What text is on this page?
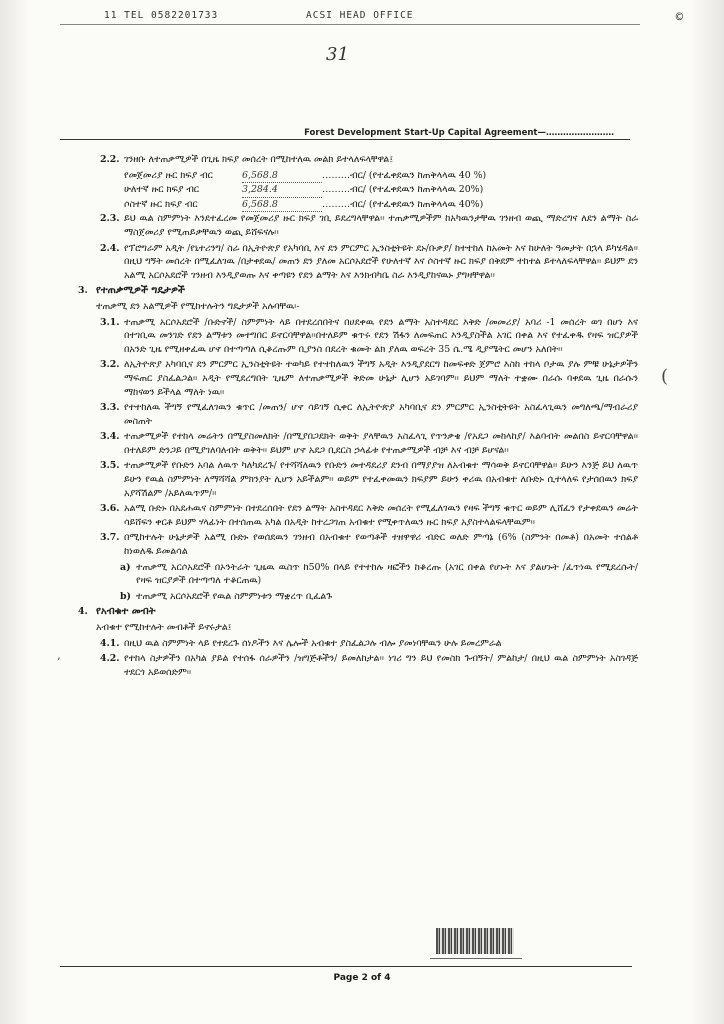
11 TEL 0582201733	ACSI HEAD OFFICE	©
31
Forest Development Start-Up Capital Agreement—……………………
(
,
2.2. ገንዘቡ ለተጠቃሚዎች በጊዜ ክፍያ መሰረት በሚከተለዉ መልክ ይተላለፍላቸዋል፤
የመጀመሪያ ዙር ክፍያ ብር	6,568.8	………ብር/ (የተፈቀደዉን ከጠቅላላዉ 40 %)
ሁለተኛ ዙር ክፍያ ብር	3,284.4	………ብር/ (የተፈቀደዉን ከጠቅላላዉ 20%)
ሶስተኛ ዙር ክፍያ ብር	6,568.8	………ብር/ (የተፈቀደዉን ከጠቅላላዉ 40%)
2.3. ይህ ዉል ስምምነት እንደተፈረመ የመጀመሪያ ዙር ክፍያ ገቢ ይደረግላቸዋል፡፡ ተጠቃሚዎችም ከአካዉንታቸዉ ገንዘብ ወጪ ማድረግና ለደን ልማት ስራ ማስጀመሪያ የሚጠይቃቸዉን ወጪ ይሸፍናሉ፡፡
2.4. የፕሮግራም አዲት /የኒተሪንግ/ ስራ በኢትዮጵያ የአካባቢ እና ደን ምርምር ኢንስቲትዩት ደኑ/ቡቃያ/ ከተተከለ ከአመት እና ከሁለት ዓመታት በኋላ ይካሄዳል፡፡ በዚህ ግኝት መሰረት በሚፈለገዉ /በታቀደዉ/ መጠን ደን ያለመ አርሶአደሮች የሁለተኛ እና ሶስተኛ ዙር ክፍያ በቅደም ተከተል ይተላለፍላቸዋል፡፡ ይህም ደን አልሚ አርሶአደሮች ገንዘብ እንዲያወጡ እና ቀጣዩን የደን ልማት እና እንክብካቤ ስራ እንዲያከናዉኑ ያግዛቸዋል፡፡
3. የተጠቃሚዎች ግዴታዎች
ተጠቃሚ ደን አልሚዎች የሚከተሉትን ግዴታዎች አሉባቸዉ፡-
3.1. ተጠቃሚ አርሶአደሮች /ቡድኖች/ ስምምነት ላይ በተደረሰበትና በሀደቀዉ የደን ልማት አስተዳደር እቅድ /መመሪያ/ አባሪ -1 መሰረት ወገ በሆነ እና በተገቢዉ መንገድ የደን ልማቱን መተግበር ይኖርባቸዋል፡፡በተለይም ቁጥሩ የደን ሽፋን ለመፍጠር እንዲያስችል አገር በቀል እና የተፈቀዱ የዛፍ ዝርያዎች በአንድ ጊዜ የሚዘቀፈዉ ሆኖ በተጣጣለ ሲቆረጡም ቢያንስ በደረት ቁመት ልክ ያለዉ ወፍረት 35 ሴ.ሜ ዲያሜትር መሆን አለበት፡፡
3.2. ለኢትዮጵያ አካባቢና ደን ምርምር ኢንስቲትዩት ተወካይ የተተከለዉን ችግኝ አዲት እንዲያደርግ ከመፍቀድ ጀምሮ እስከ ተከላ ቦታዉ ያሉ ምቹ ሁኔታዎችን ማፍጠር ያስፈልጋል፡፡ አዲት የሚደረግበት ጊዜም ለተጠቃሚዎች ቅድመ ሁኔታ ሊሆን አይገባም፡፡ ይህም ማለት ተቋሙ በራሱ ባቀደዉ ጊዜ በራሱን ማከናወን ይችላል ማለት ነዉ፡፡
3.3. የተተከለዉ ችግኝ የሚፈለገዉን ቁጥር /መጠን/ ሆኖ ሳይገኝ ሲቀር ለኢትዮጵያ አካባቢና ደን ምርምር ኢንስቲትዩት አስፈላጊዉን መግለጫ/ማብራሪያ መስጠት
3.4. ተጠቃሚዎች የተከላ መሬትን በሚያስመለክት /በሚያበጋደክት ወቅት ያላቸዉን አስፈላጊ የጥንቃቄ /የአደጋ መከላከያ/ እልባብት መልበስ ይኖርባቸዋል፡፡ በተለይም ድንጋይ በሚያገለባለብት ወቅት፡፡ ይህም ሆኖ አደጋ ቢደርስ ኃላፊቱ የተጠቃሚዎች ብቻ እና ብቻ ይሆናል፡፡
3.5. ተጠቃሚዎች የቡድን አባል ለዉጥ ካለካደረጉ/ የተሻሻለዉን የቡድን መተዳደሪያ ደንብ በማያያዝ ለአብቁተ ማሳወቅ ይኖርባቸዋል፡፡ ይሁን እንጅ ይህ ለዉጥ ይሁን የዉል ስምምነት ለማሻሻል ምክንያት ሊሆን አይችልም፡፡ ወይም የተፈቀመዉን ክፍያም ይሁን ቀሪዉ በአብቁተ ለቡድኑ ሲተላለፍ የታሰበዉን ክፍያ አያሻሽልም /አይለዉጥም/፡፡
3.6. አልሚ ቡድኑ በአደሐዉና ስምምነት በተደረሰበት የደን ልማት አስተዳደር እቅድ መሰረት የሚፈለገዉን የዛፍ ችግኝ ቁጥር ወይም ሊሸፈን የታቀደዉን መሬት ሳይሸፍን ቀርቶ ይህም ሃላፊነት በተሰጠዉ አካል በአዲት ከተረጋገጠ አብቁተ የሚቀጥለዉን ዙር ክፍያ አያስተላልፍላቸዉም፡፡
3.7. በሚከተሉት ሁኔታዎች አልሚ ቡድኑ የወሰደዉን ገንዘብ በአብቁተ የወጣቶች ተዘዋዋሪ ብድር ወለድ ምጣኔ (6% (ስምንት በመቶ) በአመት ተሰልቶ ከነወለዱ ይመልሳል
a) ተጠቃሚ አርሶአደሮች በኦንትራት ጊዜዉ ዉስጥ ከ50% በላይ የተተከሉ ዛፎችን ከቆረጡ (አገር በቀል የሆኑት እና ያልሆኑት /ፈጥነዉ የሚደረሱት/ የዛፍ ዝርያዎች በተጣጣለ ተቆርጠዉ)
b) ተጠቃሚ አርሶአደሮች የዉል ስምምነቱን ማቋረጥ ቢፈልጉ
4. የአብቁተ መብት
አብቁተ የሚከተሉት መብቶች ይኖሩታል፤
4.1. በዚህ ዉል ስምምነት ላይ የተደረጉ ሰነዶችን እና ሌሎች አብቁተ ያስፈልጋሉ ብሎ ያመነባቸዉን ሁሉ ይመረምራል
4.2. የተከላ ስታዎችን በአካል ያይል የተሰፋ ሰራዎችን /ዝግጅቶችን/ ይመለከታል፡፡ ነገሪ ግን ይህ የመስክ ጉብኝት/ ምልከታ/ በዚህ ዉል ስምምነት አስገዳጅ ተደርጎ አይወሰድም፡፡
Page 2 of 4
